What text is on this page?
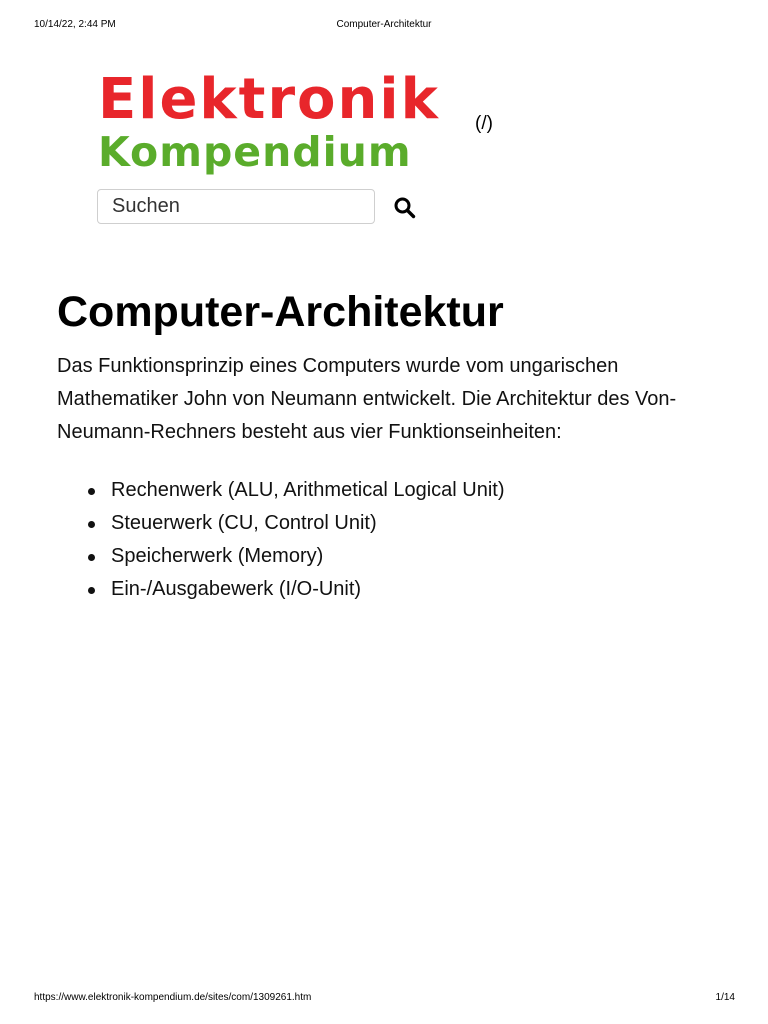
10/14/22, 2:44 PM	Computer-Architektur
Elektronik
Kompendium
(/)
Suchen
Computer-Architektur

Das Funktionsprinzip eines Computers wurde vom ungarischen Mathematiker John von Neumann entwickelt. Die Architektur des Von-Neumann-Rechners besteht aus vier Funktionseinheiten:

Rechenwerk (ALU, Arithmetical Logical Unit)
Steuerwerk (CU, Control Unit)
Speicherwerk (Memory)
Ein-/Ausgabewerk (I/O-Unit)
https://www.elektronik-kompendium.de/sites/com/1309261.htm	1/14
